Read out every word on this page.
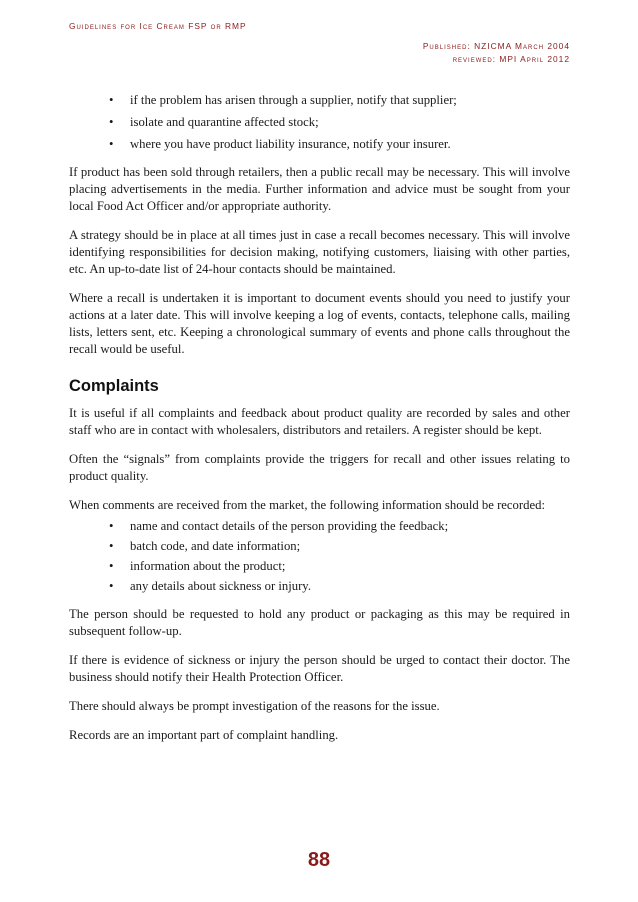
Guidelines for Ice Cream FSP or RMP
Published: NZICMA March 2004
reviewed: MPI April 2012
• if the problem has arisen through a supplier, notify that supplier;
• isolate and quarantine affected stock;
• where you have product liability insurance, notify your insurer.

If product has been sold through retailers, then a public recall may be necessary. This will involve placing advertisements in the media. Further information and advice must be sought from your local Food Act Officer and/or appropriate authority.

A strategy should be in place at all times just in case a recall becomes necessary. This will involve identifying responsibilities for decision making, notifying customers, liaising with other parties, etc. An up-to-date list of 24-hour contacts should be maintained.

Where a recall is undertaken it is important to document events should you need to justify your actions at a later date. This will involve keeping a log of events, contacts, telephone calls, mailing lists, letters sent, etc. Keeping a chronological summary of events and phone calls throughout the recall would be useful.

Complaints

It is useful if all complaints and feedback about product quality are recorded by sales and other staff who are in contact with wholesalers, distributors and retailers. A register should be kept.

Often the “signals” from complaints provide the triggers for recall and other issues relating to product quality.

When comments are received from the market, the following information should be recorded:

• name and contact details of the person providing the feedback;
• batch code, and date information;
• information about the product;
• any details about sickness or injury.

The person should be requested to hold any product or packaging as this may be required in subsequent follow-up.

If there is evidence of sickness or injury the person should be urged to contact their doctor. The business should notify their Health Protection Officer.

There should always be prompt investigation of the reasons for the issue.

Records are an important part of complaint handling.

88
